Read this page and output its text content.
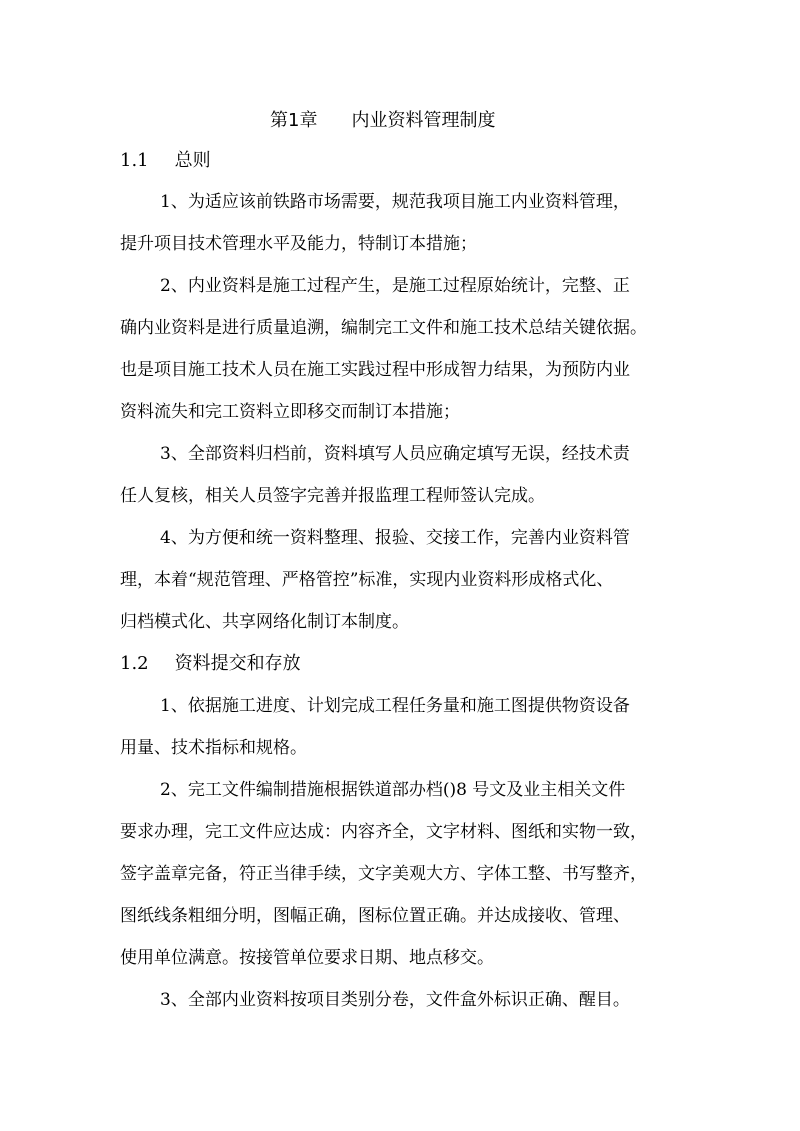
第1章 内业资料管理制度
1.1 总则

1、为适应该前铁路市场需要，规范我项目施工内业资料管理，

提升项目技术管理水平及能力，特制订本措施；

2、内业资料是施工过程产生，是施工过程原始统计，完整、正

确内业资料是进行质量追溯，编制完工文件和施工技术总结关键依据。

也是项目施工技术人员在施工实践过程中形成智力结果，为预防内业

资料流失和完工资料立即移交而制订本措施；

3、全部资料归档前，资料填写人员应确定填写无误，经技术责

任人复核，相关人员签字完善并报监理工程师签认完成。

4、为方便和统一资料整理、报验、交接工作，完善内业资料管

理，本着“规范管理、严格管控”标准，实现内业资料形成格式化、

归档模式化、共享网络化制订本制度。

1.2 资料提交和存放

1、依据施工进度、计划完成工程任务量和施工图提供物资设备

用量、技术指标和规格。

2、完工文件编制措施根据铁道部办档()8 号文及业主相关文件

要求办理，完工文件应达成：内容齐全，文字材料、图纸和实物一致，

签字盖章完备，符正当律手续，文字美观大方、字体工整、书写整齐，

图纸线条粗细分明，图幅正确，图标位置正确。并达成接收、管理、

使用单位满意。按接管单位要求日期、地点移交。

3、全部内业资料按项目类别分卷，文件盒外标识正确、醒目。
